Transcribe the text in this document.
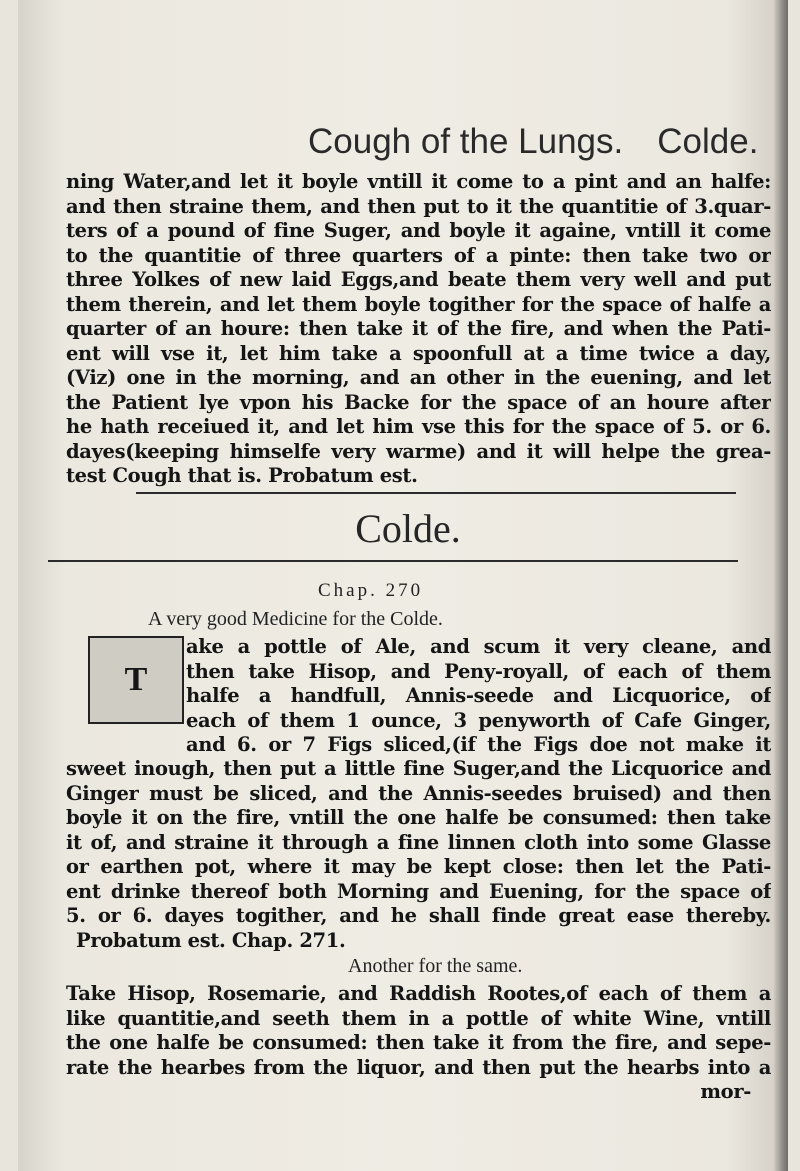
Cough of the Lungs. Colde.
ning Water,and let it boyle vntill it come to a pint and an halfe:
and then straine them, and then put to it the quantitie of 3.quar-
ters of a pound of fine Suger, and boyle it againe, vntill it come
to the quantitie of three quarters of a pinte: then take two or
three Yolkes of new laid Eggs,and beate them very well and put
them therein, and let them boyle togither for the space of halfe a
quarter of an houre: then take it of the fire, and when the Pati-
ent will vse it, let him take a spoonfull at a time twice a day,
(Viz) one in the morning, and an other in the euening, and let
the Patient lye vpon his Backe for the space of an houre after
he hath receiued it, and let him vse this for the space of 5. or 6.
dayes(keeping himselfe very warme) and it will helpe the grea-
test Cough that is. Probatum est.
Colde.
Chap. 270
A very good Medicine for the Colde.
T
ake a pottle of Ale, and scum it very cleane, and
then take Hisop, and Peny-royall, of each of them
halfe a handfull, Annis-seede and Licquorice, of
each of them 1 ounce, 3 penyworth of Cafe Ginger,
and 6. or 7 Figs sliced,(if the Figs doe not make it
sweet inough, then put a little fine Suger,and the Licquorice and
Ginger must be sliced, and the Annis-seedes bruised) and then
boyle it on the fire, vntill the one halfe be consumed: then take
it of, and straine it through a fine linnen cloth into some Glasse
or earthen pot, where it may be kept close: then let the Pati-
ent drinke thereof both Morning and Euening, for the space of
5. or 6. dayes togither, and he shall finde great ease thereby.
Probatum est. Chap. 271.
Another for the same.
Take Hisop, Rosemarie, and Raddish Rootes,of each of them a
like quantitie,and seeth them in a pottle of white Wine, vntill
the one halfe be consumed: then take it from the fire, and sepe-
rate the hearbes from the liquor, and then put the hearbs into a
mor-
